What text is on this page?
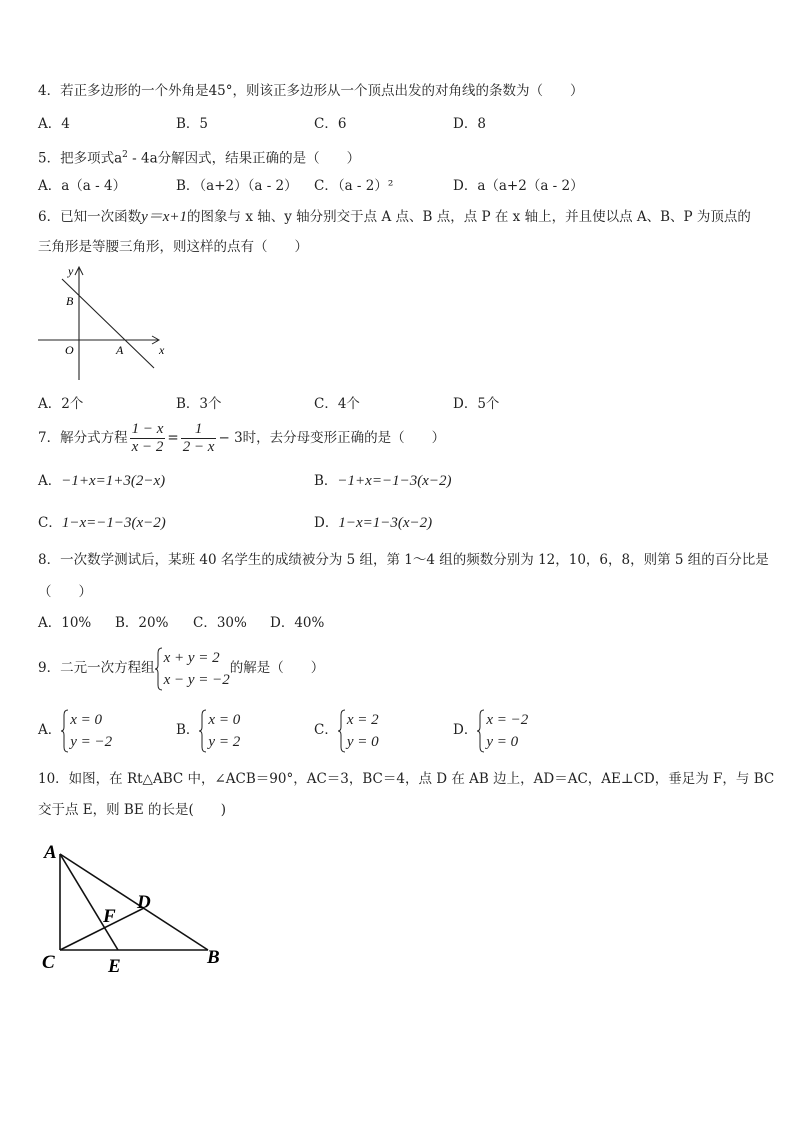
4．若正多边形的一个外角是45°，则该正多边形从一个顶点出发的对角线的条数为（　　）
A．4	B．5	C．6	D．8
5．把多项式$a^2 - 4a$分解因式，结果正确的是（　　）
A．a（a - 4）	B．（a+2）（a - 2） C．（a - 2）²	D．a（a+2（a - 2）
6．已知一次函数y＝x+1的图象与 x 轴、y 轴分别交于点 A 点、B 点，点 P 在 x 轴上，并且使以点 A、B、P 为顶点的
三角形是等腰三角形，则这样的点有（　　）
y
B
O	A	x
A．2个	B．3个	C．4个	D．5个
7．解分式方程 $\frac{1 - x}{x - 2} = \frac{1}{2 - x} - 3$时，去分母变形正确的是（　　）
A．−1+x=1+3(2−x)	B．−1+x=−1−3(x−2)
C．1−x=−1−3(x−2)	D．1−x=1−3(x−2)
8．一次数学测试后，某班 40 名学生的成绩被分为 5 组，第 1～4 组的频数分别为 12，10，6，8，则第 5 组的百分比是
（　　）
A．10% B．20% C．30% D．40%
9．二元一次方程组
x + y = 2
x − y = −2
的解是（　　）
A．
x = 0
y = −2
B．
x = 0
y = 2
C．
x = 2
y = 0
D．
x = −2
y = 0
10．如图，在 Rt△ABC 中，∠ACB＝90°，AC＝3，BC＝4，点 D 在 AB 边上，AD＝AC，AE⊥CD，垂足为 F，与 BC
交于点 E，则 BE 的长是(　　)
A
D
F
C	E	B
